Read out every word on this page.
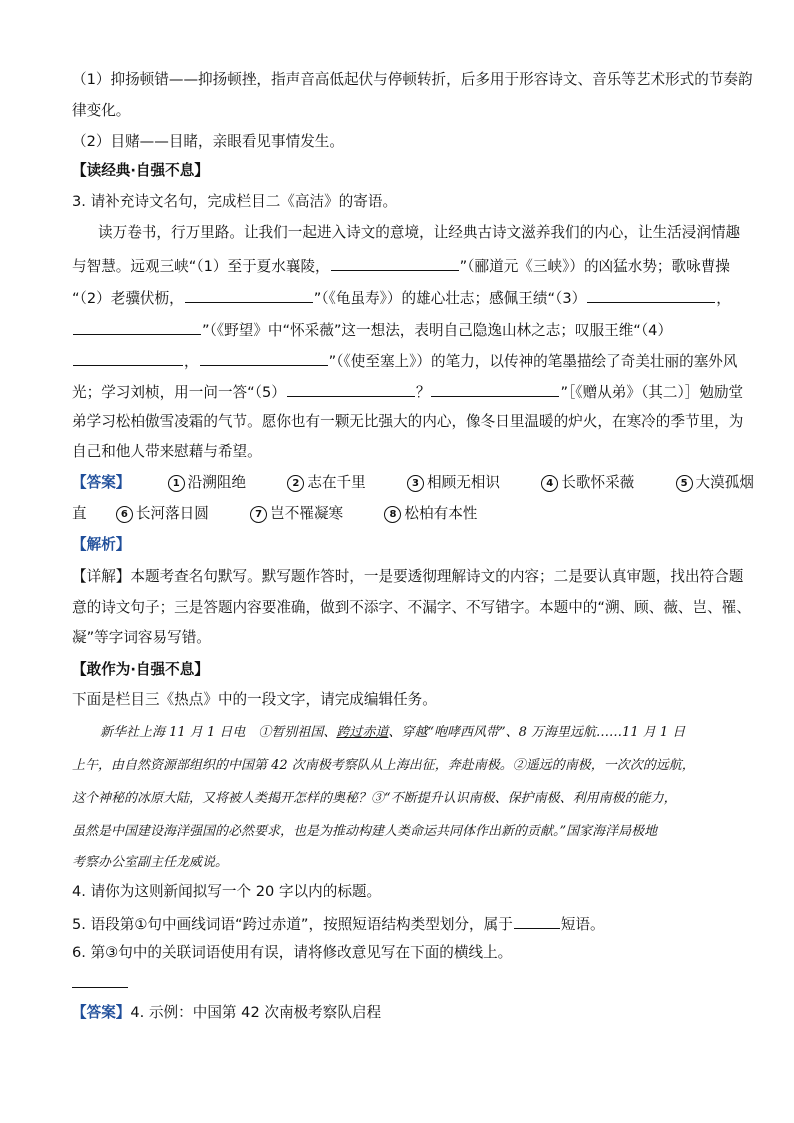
（1）抑扬顿错——抑扬顿挫，指声音高低起伏与停顿转折，后多用于形容诗文、音乐等艺术形式的节奏韵
律变化。
（2）目赌——目睹，亲眼看见事情发生。
【读经典·自强不息】
3. 请补充诗文名句，完成栏目二《高洁》的寄语。
读万卷书，行万里路。让我们一起进入诗文的意境，让经典古诗文滋养我们的内心，让生活浸润情趣
与智慧。远观三峡“（1）至于夏水襄陵，	”（郦道元《三峡》）的凶猛水势；歌咏曹操
“（2）老骥伏枥，	”（《龟虽寿》）的雄心壮志；感佩王绩“（3）	，
”（《野望》中“怀采薇”这一想法，表明自己隐逸山林之志；叹服王维“（4）
，	”（《使至塞上》）的笔力，以传神的笔墨描绘了奇美壮丽的塞外风
光；学习刘桢，用一问一答“（5）	？	”［《赠从弟》（其二）］勉励堂
弟学习松柏傲雪凌霜的气节。愿你也有一颗无比强大的内心，像冬日里温暖的炉火，在寒冷的季节里，为
自己和他人带来慰藉与希望。
【答案】	1 沿溯阻绝	2 志在千里	3 相顾无相识	4 长歌怀采薇	5 大漠孤烟
直	6 长河落日圆	7 岂不罹凝寒	8 松柏有本性
【解析】
【详解】本题考查名句默写。默写题作答时，一是要透彻理解诗文的内容；二是要认真审题，找出符合题
意的诗文句子；三是答题内容要准确，做到不添字、不漏字、不写错字。本题中的“溯、顾、薇、岂、罹、
凝”等字词容易写错。
【敢作为·自强不息】
下面是栏目三《热点》中的一段文字，请完成编辑任务。
新华社上海 11 月 1 日电　①暂别祖国、跨过赤道、穿越“咆哮西风带”、8 万海里远航……11 月 1 日
上午，由自然资源部组织的中国第 42 次南极考察队从上海出征，奔赴南极。②遥远的南极，一次次的远航，
这个神秘的冰原大陆，又将被人类揭开怎样的奥秘？③“不断提升认识南极、保护南极、利用南极的能力，
虽然是中国建设海洋强国的必然要求，也是为推动构建人类命运共同体作出新的贡献。”国家海洋局极地
考察办公室副主任龙威说。
4. 请你为这则新闻拟写一个 20 字以内的标题。
5. 语段第①句中画线词语“跨过赤道”，按照短语结构类型划分，属于	短语。
6. 第③句中的关联词语使用有误，请将修改意见写在下面的横线上。
【答案】4. 示例：中国第 42 次南极考察队启程
